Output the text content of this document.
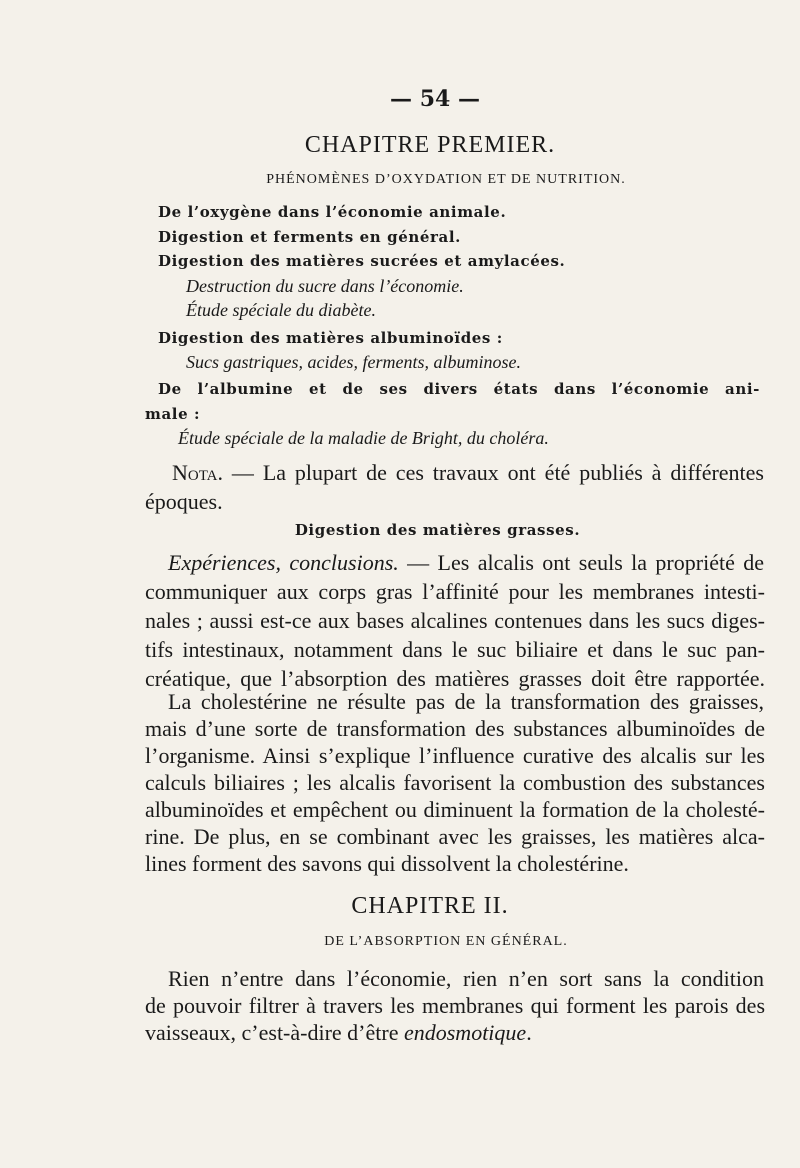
— 54 —
CHAPITRE PREMIER.
PHÉNOMÈNES D’OXYDATION ET DE NUTRITION.
De l’oxygène dans l’économie animale.
Digestion et ferments en général.
Digestion des matières sucrées et amylacées.
Destruction du sucre dans l’économie.
Étude spéciale du diabète.
Digestion des matières albuminoïdes :
Sucs gastriques, acides, ferments, albuminose.
De l’albumine et de ses divers états dans l’économie ani-
male :
Étude spéciale de la maladie de Bright, du choléra.
Nota. — La plupart de ces travaux ont été publiés à différentes
époques.
Digestion des matières grasses.
Expériences, conclusions. — Les alcalis ont seuls la propriété de
communiquer aux corps gras l’affinité pour les membranes intesti-
nales ; aussi est-ce aux bases alcalines contenues dans les sucs diges-
tifs intestinaux, notamment dans le suc biliaire et dans le suc pan-
créatique, que l’absorption des matières grasses doit être rapportée.
La cholestérine ne résulte pas de la transformation des graisses,
mais d’une sorte de transformation des substances albuminoïdes de
l’organisme. Ainsi s’explique l’influence curative des alcalis sur les
calculs biliaires ; les alcalis favorisent la combustion des substances
albuminoïdes et empêchent ou diminuent la formation de la cholesté-
rine. De plus, en se combinant avec les graisses, les matières alca-
lines forment des savons qui dissolvent la cholestérine.
CHAPITRE II.
DE L’ABSORPTION EN GÉNÉRAL.
Rien n’entre dans l’économie, rien n’en sort sans la condition
de pouvoir filtrer à travers les membranes qui forment les parois des
vaisseaux, c’est-à-dire d’être endosmotique.
